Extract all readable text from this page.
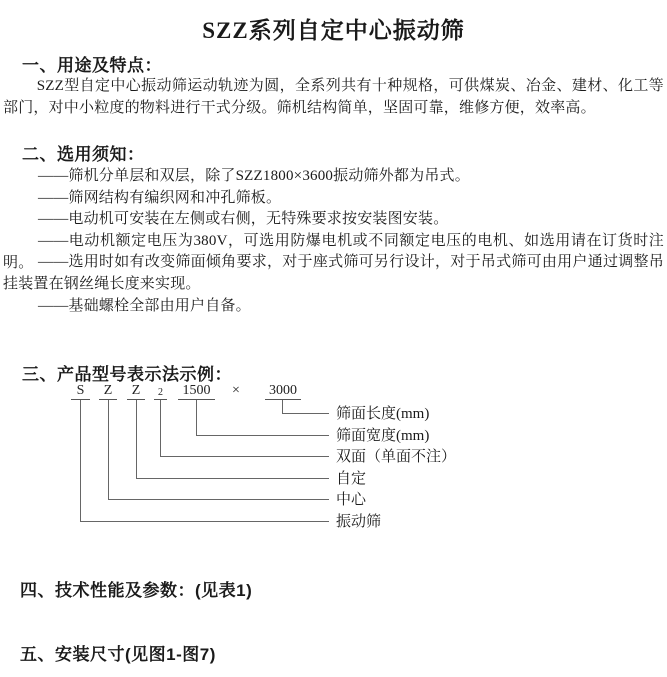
SZZ系列自定中心振动筛
一、用途及特点：
SZZ型自定中心振动筛运动轨迹为圆，全系列共有十种规格，可供煤炭、冶金、建材、化工等部门，对中小粒度的物料进行干式分级。筛机结构简单，坚固可靠，维修方便，效率高。
二、选用须知：
——筛机分单层和双层，除了SZZ1800×3600振动筛外都为吊式。
——筛网结构有编织网和冲孔筛板。
——电动机可安装在左侧或右侧，无特殊要求按安装图安装。
——电动机额定电压为380V，可选用防爆电机或不同额定电压的电机、如选用请在订货时注明。 ——选用时如有改变筛面倾角要求，对于座式筛可另行设计，对于吊式筛可由用户通过调整吊挂装置在钢丝绳长度来实现。
——基础螺栓全部由用户自备。
三、产品型号表示法示例：
S	Z	Z	2	1500	× 3000
筛面长度(mm)
筛面宽度(mm)
双面（单面不注）
自定
中心
振动筛
四、技术性能及参数：(见表1)
五、安装尺寸(见图1-图7)
